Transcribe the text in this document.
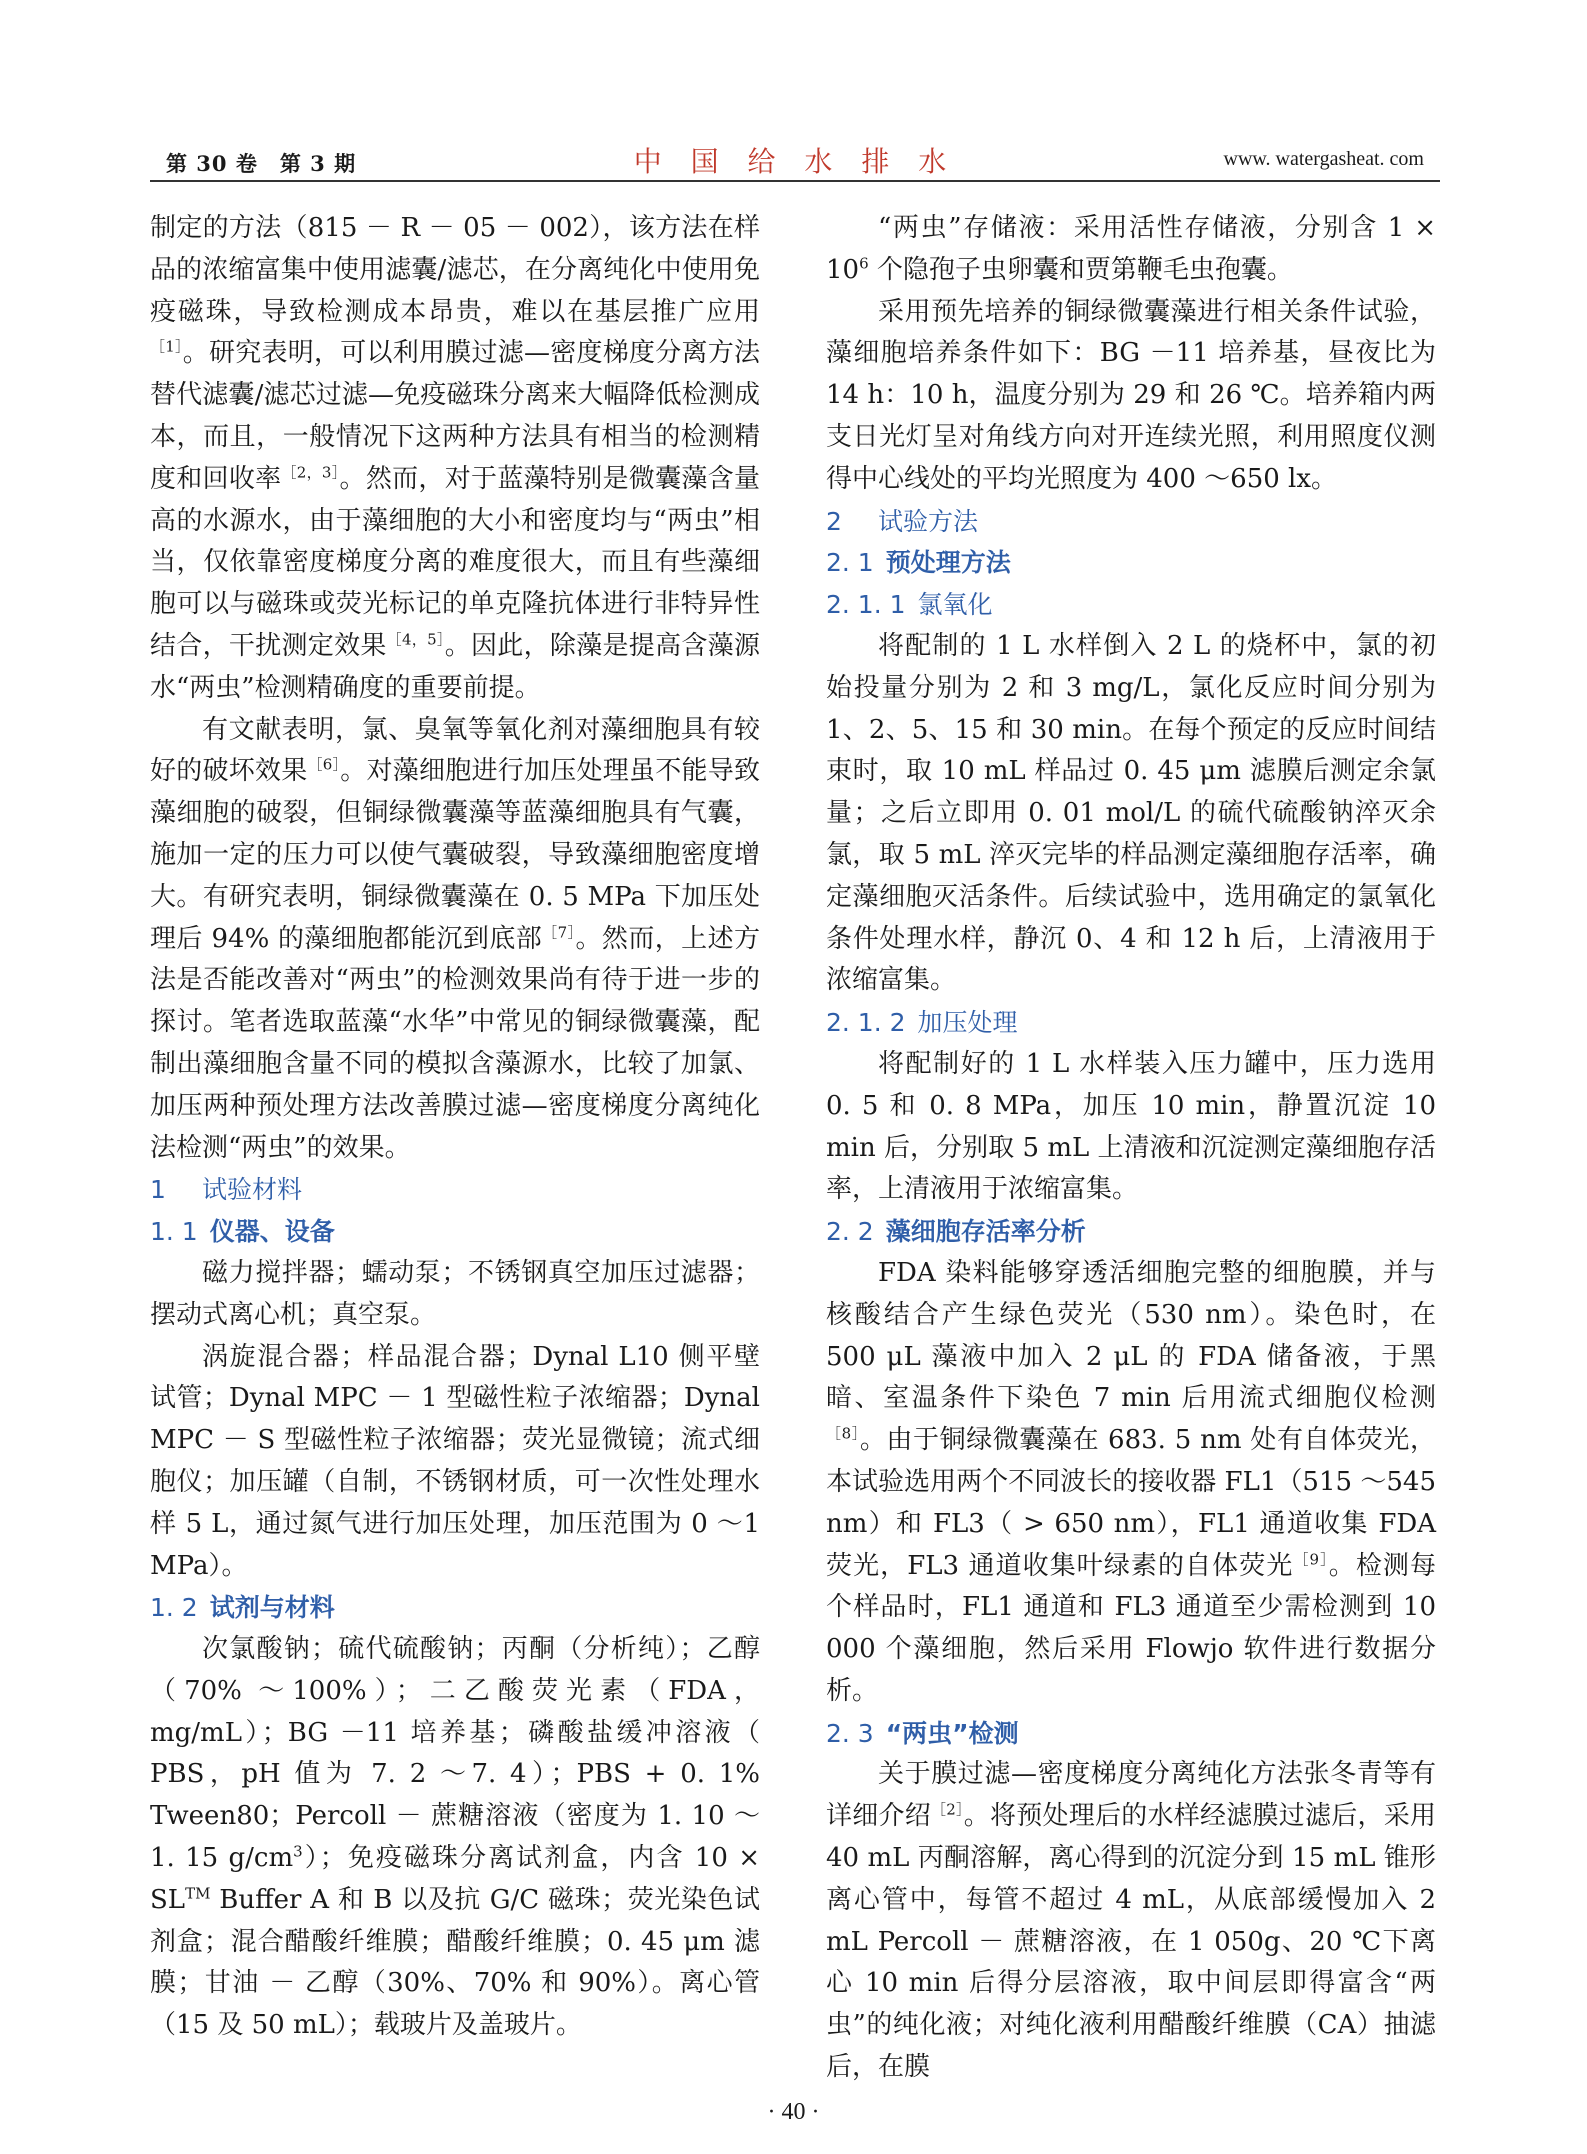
第 30 卷　第 3 期	中 国 给 水 排 水	www. watergasheat. com

制定的方法（815 － R － 05 － 002），该方法在样品的浓缩富集中使用滤囊/滤芯，在分离纯化中使用免疫磁珠，导致检测成本昂贵，难以在基层推广应用$^{[1]}$。研究表明，可以利用膜过滤—密度梯度分离方法替代滤囊/滤芯过滤—免疫磁珠分离来大幅降低检测成本，而且，一般情况下这两种方法具有相当的检测精度和回收率$^{[2,3]}$。然而，对于蓝藻特别是微囊藻含量高的水源水，由于藻细胞的大小和密度均与“两虫”相当，仅依靠密度梯度分离的难度很大，而且有些藻细胞可以与磁珠或荧光标记的单克隆抗体进行非特异性结合，干扰测定效果$^{[4,5]}$。因此，除藻是提高含藻源水“两虫”检测精确度的重要前提。

有文献表明，氯、臭氧等氧化剂对藻细胞具有较好的破坏效果$^{[6]}$。对藻细胞进行加压处理虽不能导致藻细胞的破裂，但铜绿微囊藻等蓝藻细胞具有气囊，施加一定的压力可以使气囊破裂，导致藻细胞密度增大。有研究表明，铜绿微囊藻在 0. 5 MPa 下加压处理后 94% 的藻细胞都能沉到底部$^{[7]}$。然而，上述方法是否能改善对“两虫”的检测效果尚有待于进一步的探讨。笔者选取蓝藻“水华”中常见的铜绿微囊藻，配制出藻细胞含量不同的模拟含藻源水，比较了加氯、加压两种预处理方法改善膜过滤—密度梯度分离纯化法检测“两虫”的效果。

1 试验材料
1. 1 仪器、设备

磁力搅拌器；蠕动泵；不锈钢真空加压过滤器；摆动式离心机；真空泵。

涡旋混合器；样品混合器；Dynal L10 侧平壁试管；Dynal MPC － 1 型磁性粒子浓缩器；Dynal MPC － S 型磁性粒子浓缩器；荧光显微镜；流式细胞仪；加压罐（自制，不锈钢材质，可一次性处理水样 5 L，通过氮气进行加压处理，加压范围为 0 ～1 MPa）。

1. 2 试剂与材料

次氯酸钠；硫代硫酸钠；丙酮（分析纯）；乙醇（70% ～100%）；二乙酸荧光素（FDA，mg/mL）；BG －11 培养基；磷酸盐缓冲溶液（ PBS，pH 值为 7. 2 ～7. 4）；PBS + 0. 1% Tween80；Percoll － 蔗糖溶液（密度为 1. 10 ～1. 15 $g/cm^3$）；免疫磁珠分离试剂盒，内含 10 × SL™ Buffer A 和 B 以及抗 G/C 磁珠；荧光染色试剂盒；混合醋酸纤维膜；醋酸纤维膜；0. 45 μm 滤膜；甘油 － 乙醇（30%、70% 和 90%）。离心管（15 及 50 mL）；载玻片及盖玻片。

“两虫”存储液：采用活性存储液，分别含 $1 \times 10^6$ 个隐孢子虫卵囊和贾第鞭毛虫孢囊。

采用预先培养的铜绿微囊藻进行相关条件试验，藻细胞培养条件如下：BG －11 培养基，昼夜比为 14 h：10 h，温度分别为 29 和 26 ℃。培养箱内两支日光灯呈对角线方向对开连续光照，利用照度仪测得中心线处的平均光照度为 400 ～650 lx。

2 试验方法
2. 1 预处理方法
2. 1. 1 氯氧化

将配制的 1 L 水样倒入 2 L 的烧杯中，氯的初始投量分别为 2 和 3 mg/L，氯化反应时间分别为 1、2、5、15 和 30 min。在每个预定的反应时间结束时，取 10 mL 样品过 0. 45 μm 滤膜后测定余氯量；之后立即用 0. 01 mol/L 的硫代硫酸钠淬灭余氯，取 5 mL 淬灭完毕的样品测定藻细胞存活率，确定藻细胞灭活条件。后续试验中，选用确定的氯氧化条件处理水样，静沉 0、4 和 12 h 后，上清液用于浓缩富集。

2. 1. 2 加压处理

将配制好的 1 L 水样装入压力罐中，压力选用 0. 5 和 0. 8 MPa，加压 10 min，静置沉淀 10 min 后，分别取 5 mL 上清液和沉淀测定藻细胞存活率，上清液用于浓缩富集。

2. 2 藻细胞存活率分析

FDA 染料能够穿透活细胞完整的细胞膜，并与核酸结合产生绿色荧光（530 nm）。染色时，在 500 μL 藻液中加入 2 μL 的 FDA 储备液，于黑暗、室温条件下染色 7 min 后用流式细胞仪检测$^{[8]}$。由于铜绿微囊藻在 683. 5 nm 处有自体荧光，本试验选用两个不同波长的接收器 FL1（515 ～545 nm）和 FL3（ > 650 nm），FL1 通道收集 FDA 荧光，FL3 通道收集叶绿素的自体荧光$^{[9]}$。检测每个样品时，FL1 通道和 FL3 通道至少需检测到 10 000 个藻细胞，然后采用 Flowjo 软件进行数据分析。

2. 3 “两虫”检测

关于膜过滤—密度梯度分离纯化方法张冬青等有详细介绍$^{[2]}$。将预处理后的水样经滤膜过滤后，采用 40 mL 丙酮溶解，离心得到的沉淀分到 15 mL 锥形离心管中，每管不超过 4 mL，从底部缓慢加入 2 mL Percoll － 蔗糖溶液，在 1 050g、20 ℃下离心 10 min 后得分层溶液，取中间层即得富含“两虫”的纯化液；对纯化液利用醋酸纤维膜（CA）抽滤后，在膜

· 40 ·
